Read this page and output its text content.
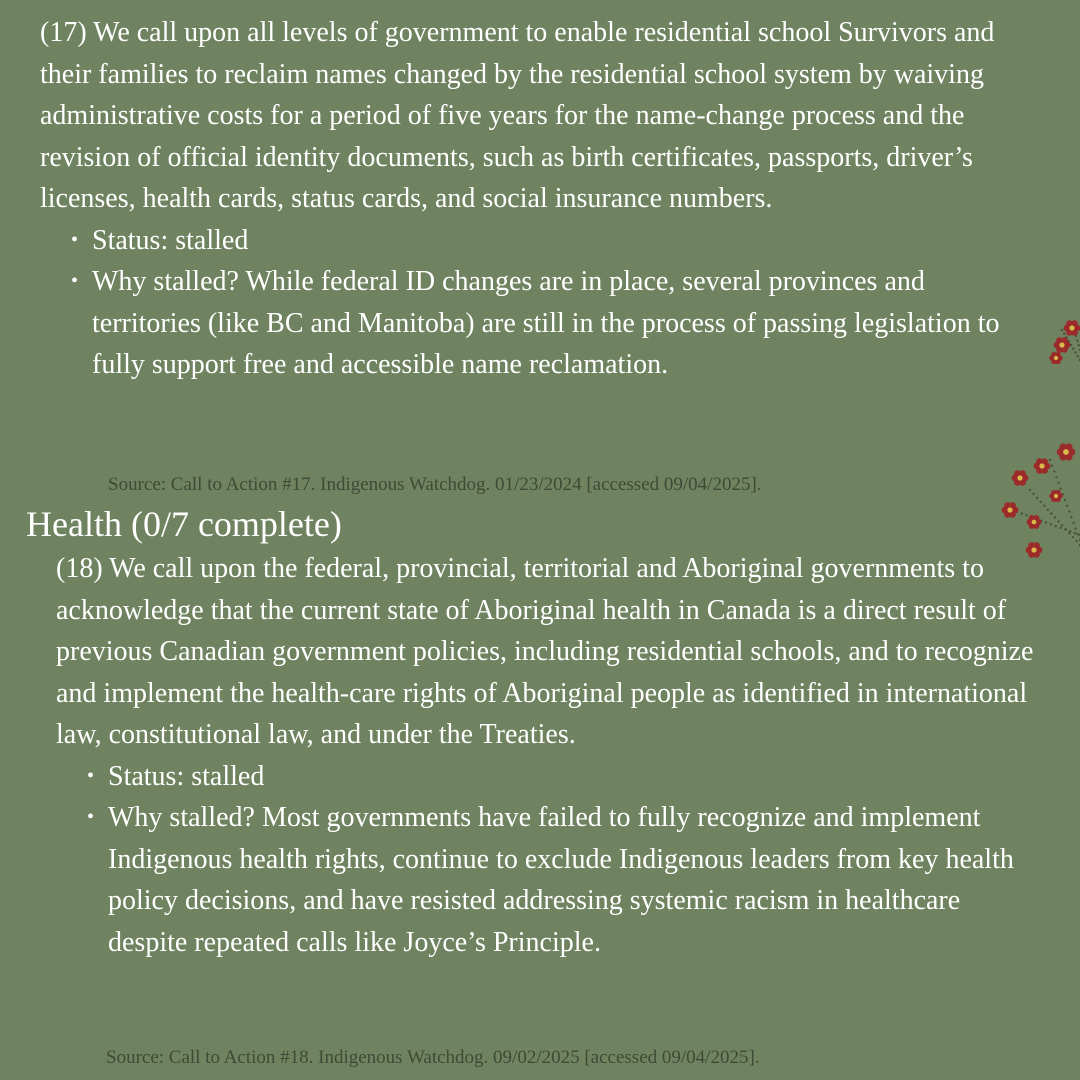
(17) We call upon all levels of government to enable residential school Survivors and their families to reclaim names changed by the residential school system by waiving administrative costs for a period of five years for the name-change process and the revision of official identity documents, such as birth certificates, passports, driver’s licenses, health cards, status cards, and social insurance numbers.

• Status: stalled
• Why stalled? While federal ID changes are in place, several provinces and territories (like BC and Manitoba) are still in the process of passing legislation to fully support free and accessible name reclamation.
Source: Call to Action #17. Indigenous Watchdog. 01/23/2024 [accessed 09/04/2025].
Health (0/7 complete)

(18) We call upon the federal, provincial, territorial and Aboriginal governments to acknowledge that the current state of Aboriginal health in Canada is a direct result of previous Canadian government policies, including residential schools, and to recognize and implement the health-care rights of Aboriginal people as identified in international law, constitutional law, and under the Treaties.

• Status: stalled
• Why stalled? Most governments have failed to fully recognize and implement Indigenous health rights, continue to exclude Indigenous leaders from key health policy decisions, and have resisted addressing systemic racism in healthcare despite repeated calls like Joyce’s Principle.
Source: Call to Action #18. Indigenous Watchdog. 09/02/2025 [accessed 09/04/2025].
